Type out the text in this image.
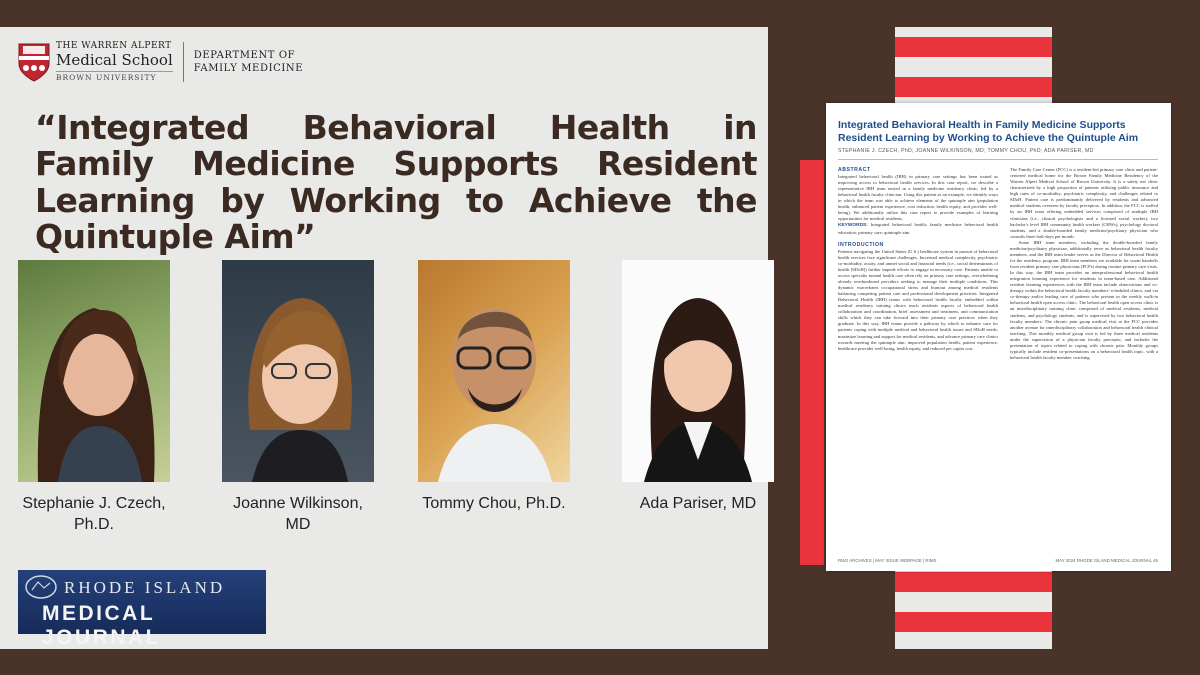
THE WARREN ALPERT
Medical School
BROWN UNIVERSITY
DEPARTMENT OF
FAMILY MEDICINE
“Integrated Behavioral Health in Family Medicine Supports Resident Learning by Working to Achieve the Quintuple Aim”
Stephanie J. Czech, Ph.D.
Joanne Wilkinson, MD
Tommy Chou, Ph.D.	Ada Pariser, MD
RHODE ISLAND
MEDICAL JOURNAL
Integrated Behavioral Health in Family Medicine Supports Resident Learning by Working to Achieve the Quintuple Aim
STEPHANIE J. CZECH, PhD; JOANNE WILKINSON, MD; TOMMY CHOU, PhD; ADA PARISER, MD
ABSTRACT
Integrated behavioral health (IBH) in primary care settings has been touted as improving access to behavioral health services. In this case report, we describe a representative IBH team nested in a family medicine residency clinic, led by a behavioral health faculty clinician. Using this patient as an example, we identify ways in which the team was able to achieve elements of the quintuple aim (population health, enhanced patient experience, cost reduction, health equity, and provider well-being). We additionally utilize this case report to provide examples of learning opportunities for medical residents.
KEYWORDS: Integrated behavioral health; family medicine behavioral health education; primary care; quintuple aim

INTRODUCTION
Patients navigating the United States (U.S.) healthcare system in pursuit of behavioral health services face significant challenges. Increased medical complexity, psychiatric co-morbidity, acuity, and unmet social and financial needs (i.e., social determinants of health [SDoH]) further impede efforts to engage in necessary care. Patients unable to access specialty mental health care often rely on primary care settings, overwhelming already overburdened providers seeking to manage their multiple conditions. This dynamic exacerbates occupational stress and burnout among medical residents balancing competing patient care and professional development priorities. Integrated Behavioral Health (IBH) teams with behavioral health faculty embedded within medical residency training clinics teach residents aspects of behavioral health collaboration and coordination, brief assessment and treatment, and communication skills which they can take forward into their primary care practices when they graduate. In this way, IBH teams provide a pathway by which to enhance care for patients coping with multiple medical and behavioral health issues and SDoH needs, maximize learning and support for medical residents, and advance primary care clinics towards meeting the quintuple aim: improved population health, patient experience, healthcare provider well-being, health equity, and reduced per capita cost.
The Family Care Center (FCC) is a resident-led primary care clinic and patient-centered medical home for the Brown Family Medicine Residency of the Warren Alpert Medical School of Brown University. It is a safety net clinic characterized by a high proportion of patients utilizing public insurance and high rates of co-morbidity, psychiatric complexity, and challenges related to SDoH. Patient care is predominantly delivered by residents and advanced medical students overseen by faculty preceptors. In addition, the FCC is staffed by an IBH team offering embedded services comprised of multiple IBH clinicians (i.e., clinical psychologists and a licensed social worker), two bachelor's level IBH community health workers (CHWs), psychology doctoral students, and a double-boarded family medicine/psychiatry physician who consults three half-days per month.
Some IBH team members, including the double-boarded family medicine/psychiatry physician, additionally serve as behavioral health faculty members, and the IBH team leader serves as the Director of Behavioral Health for the residency program. IBH team members are available for warm handoffs from resident primary care physicians (PCPs) during routine primary care visits. In this way, the IBH team provides an interprofessional behavioral health integration learning experience for residents in team-based care. Additional resident learning experiences with the IBH team include observations and co-therapy within the behavioral health faculty members' scheduled clinics, and via co-therapy and/or leading care of patients who present in the weekly walk-in behavioral health open access clinic. The behavioral health open access clinic is an interdisciplinary training clinic comprised of medical residents, medical students, and psychology students, and is supervised by two behavioral health faculty members. The chronic pain group medical visit at the FCC provides another avenue for interdisciplinary collaboration and behavioral health clinical teaching. This monthly medical group visit is led by three medical residents under the supervision of a physician faculty preceptor, and includes the presentation of topics related to coping with chronic pain. Monthly groups typically include resident co-presentations on a behavioral health topic, with a behavioral health faculty member coaching.
RIMJ ARCHIVES | MAY ISSUE WEBPAGE | RIMS	MAY 2024 RHODE ISLAND MEDICAL JOURNAL 45
